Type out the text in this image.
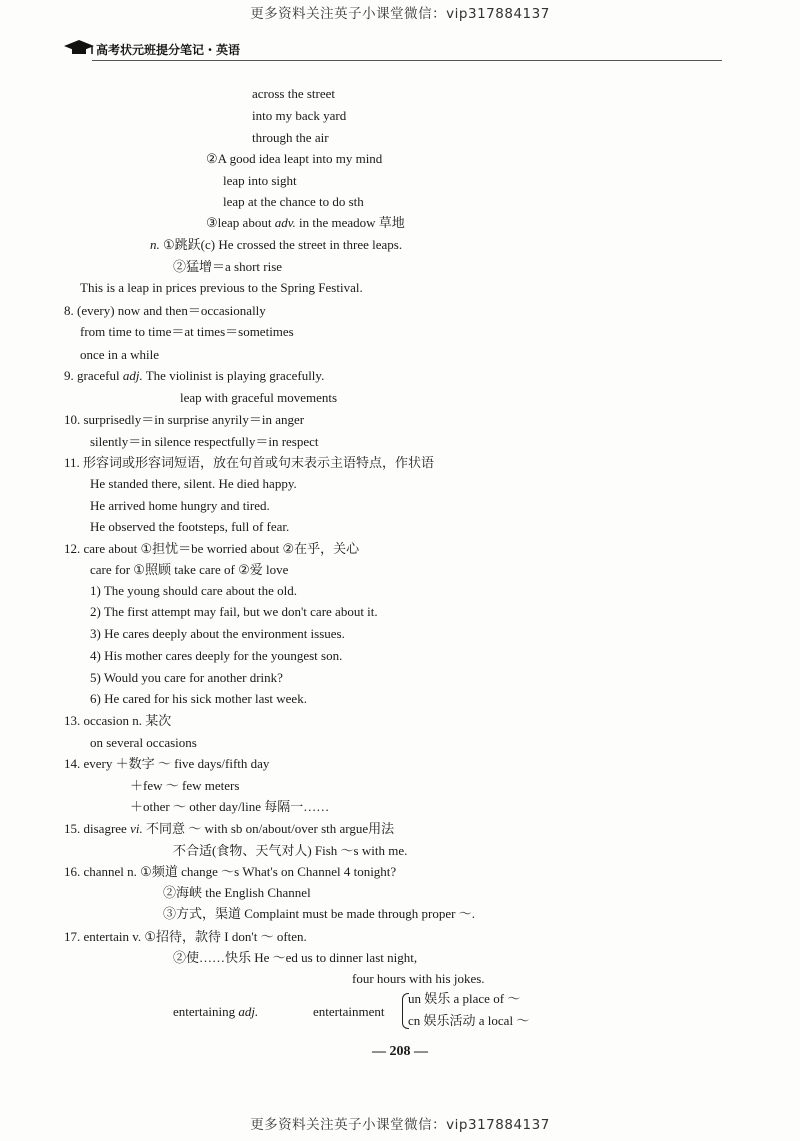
更多资料关注英子小课堂微信：vip317884137
高考状元班提分笔记・英语
across the street
into my back yard
through the air
②A good idea leapt into my mind
leap into sight
leap at the chance to do sth
③leap about adv. in the meadow 草地
n. ①跳跃(c) He crossed the street in three leaps.
②猛增＝a short rise
This is a leap in prices previous to the Spring Festival.
8. (every) now and then＝occasionally
from time to time＝at times＝sometimes
once in a while
9. graceful adj. The violinist is playing gracefully.
leap with graceful movements
10. surprisedly＝in surprise anyrily＝in anger
silently＝in silence respectfully＝in respect
11. 形容词或形容词短语，放在句首或句末表示主语特点，作状语
He standed there, silent. He died happy.
He arrived home hungry and tired.
He observed the footsteps, full of fear.
12. care about ①担忧＝be worried about ②在乎，关心
care for ①照顾 take care of ②爱 love
1) The young should care about the old.
2) The first attempt may fail, but we don't care about it.
3) He cares deeply about the environment issues.
4) His mother cares deeply for the youngest son.
5) Would you care for another drink?
6) He cared for his sick mother last week.
13. occasion n. 某次
on several occasions
14. every ＋数字 ～ five days/fifth day
＋few ～ few meters
＋other ～ other day/line 每隔一……
15. disagree vi. 不同意 ～ with sb on/about/over sth argue用法
不合适(食物、天气对人) Fish ～s with me.
16. channel n. ①频道 change ～s What's on Channel 4 tonight?
②海峡 the English Channel
③方式，渠道 Complaint must be made through proper ～.
17. entertain v. ①招待，款待 I don't ～ often.
②使……快乐 He ～ed us to dinner last night,
four hours with his jokes.
entertaining adj.	entertainment
un 娱乐 a place of ～
cn 娱乐活动 a local ～
— 208 —
更多资料关注英子小课堂微信：vip317884137
